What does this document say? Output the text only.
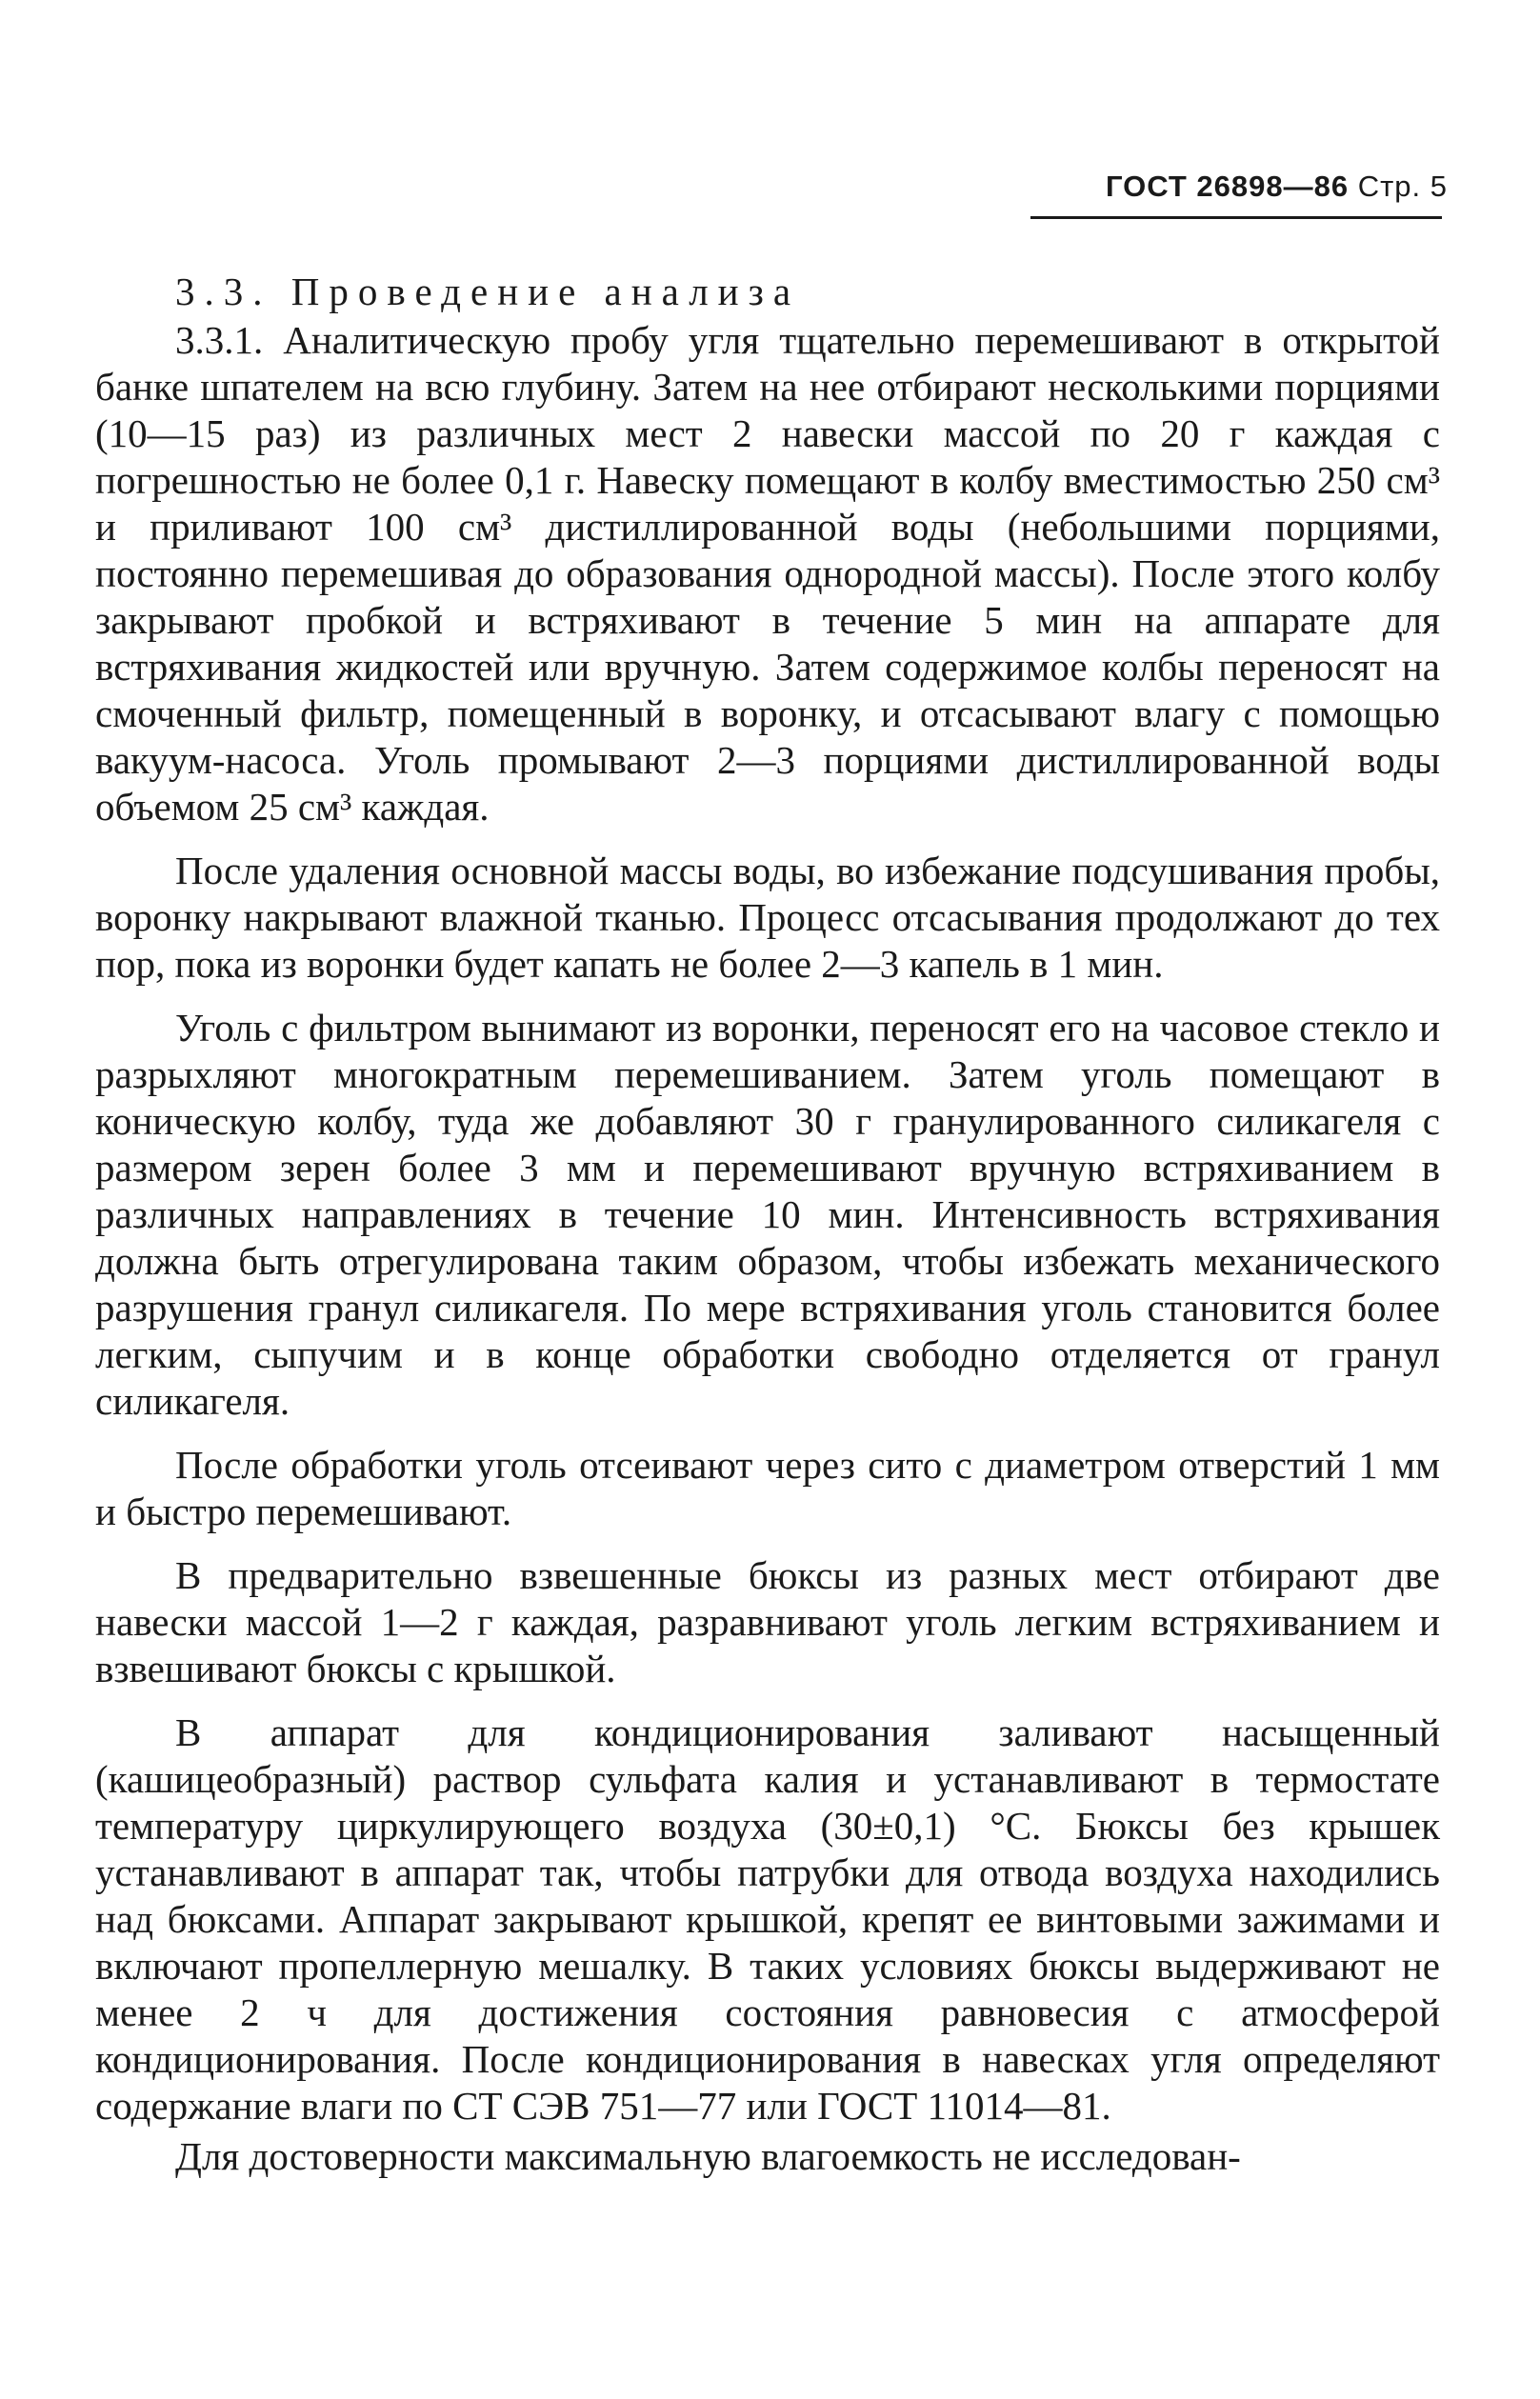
ГОСТ 26898—86 Стр. 5

3.3. Проведение анализа

3.3.1. Аналитическую пробу угля тщательно перемешивают в открытой банке шпателем на всю глубину. Затем на нее отбирают несколькими порциями (10—15 раз) из различных мест 2 навески массой по 20 г каждая с погрешностью не более 0,1 г. Навеску помещают в колбу вместимостью 250 см³ и приливают 100 см³ дистиллированной воды (небольшими порциями, постоянно перемешивая до образования однородной массы). После этого колбу закрывают пробкой и встряхивают в течение 5 мин на аппарате для встряхивания жидкостей или вручную. Затем содержимое колбы переносят на смоченный фильтр, помещенный в воронку, и отсасывают влагу с помощью вакуум-насоса. Уголь промывают 2—3 порциями дистиллированной воды объемом 25 см³ каждая.

После удаления основной массы воды, во избежание подсушивания пробы, воронку накрывают влажной тканью. Процесс отсасывания продолжают до тех пор, пока из воронки будет капать не более 2—3 капель в 1 мин.

Уголь с фильтром вынимают из воронки, переносят его на часовое стекло и разрыхляют многократным перемешиванием. Затем уголь помещают в коническую колбу, туда же добавляют 30 г гранулированного силикагеля с размером зерен более 3 мм и перемешивают вручную встряхиванием в различных направлениях в течение 10 мин. Интенсивность встряхивания должна быть отрегулирована таким образом, чтобы избежать механического разрушения гранул силикагеля. По мере встряхивания уголь становится более легким, сыпучим и в конце обработки свободно отделяется от гранул силикагеля.

После обработки уголь отсеивают через сито с диаметром отверстий 1 мм и быстро перемешивают.

В предварительно взвешенные бюксы из разных мест отбирают две навески массой 1—2 г каждая, разравнивают уголь легким встряхиванием и взвешивают бюксы с крышкой.

В аппарат для кондиционирования заливают насыщенный (кашицеобразный) раствор сульфата калия и устанавливают в термостате температуру циркулирующего воздуха (30±0,1) °С. Бюксы без крышек устанавливают в аппарат так, чтобы патрубки для отвода воздуха находились над бюксами. Аппарат закрывают крышкой, крепят ее винтовыми зажимами и включают пропеллерную мешалку. В таких условиях бюксы выдерживают не менее 2 ч для достижения состояния равновесия с атмосферой кондиционирования. После кондиционирования в навесках угля определяют содержание влаги по СТ СЭВ 751—77 или ГОСТ 11014—81.

Для достоверности максимальную влагоемкость не исследован-
